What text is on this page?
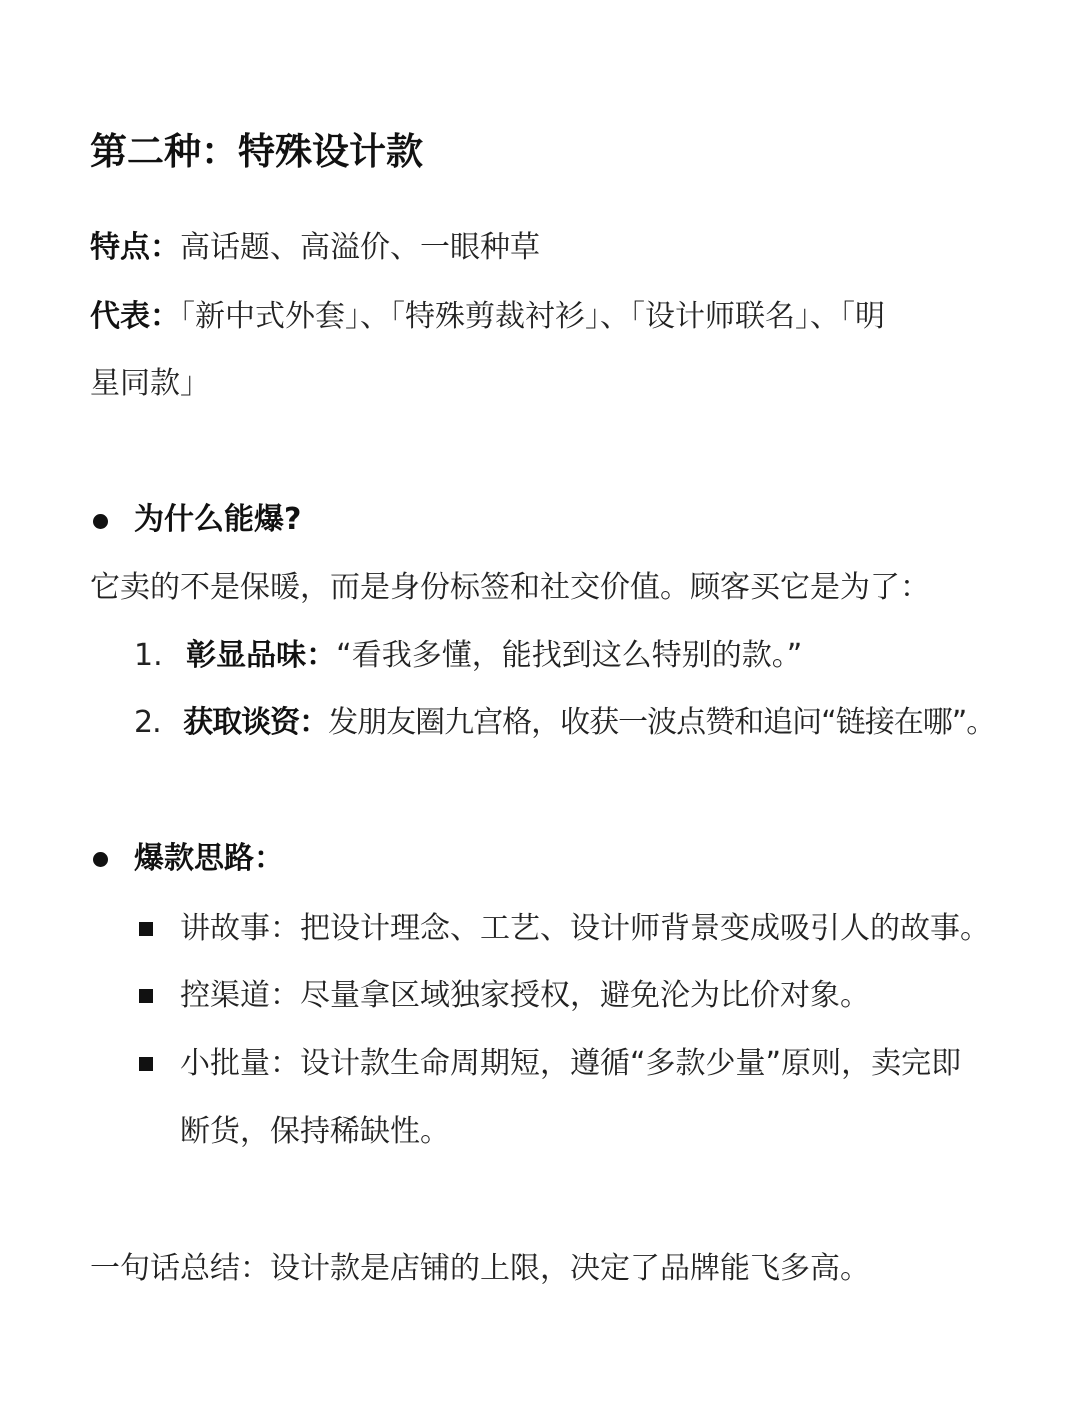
第二种：特殊设计款
特点：高话题、高溢价、一眼种草
代表：「新中式外套」、「特殊剪裁衬衫」、「设计师联名」、「明
星同款」
为什么能爆?
它卖的不是保暖，而是身份标签和社交价值。顾客买它是为了：
1. 彰显品味：“看我多懂，能找到这么特别的款。”
2. 获取谈资：发朋友圈九宫格，收获一波点赞和追问“链接在哪”。
爆款思路：
讲故事：把设计理念、工艺、设计师背景变成吸引人的故事。
控渠道：尽量拿区域独家授权，避免沦为比价对象。
小批量：设计款生命周期短，遵循“多款少量”原则，卖完即
断货，保持稀缺性。
一句话总结：设计款是店铺的上限，决定了品牌能飞多高。
